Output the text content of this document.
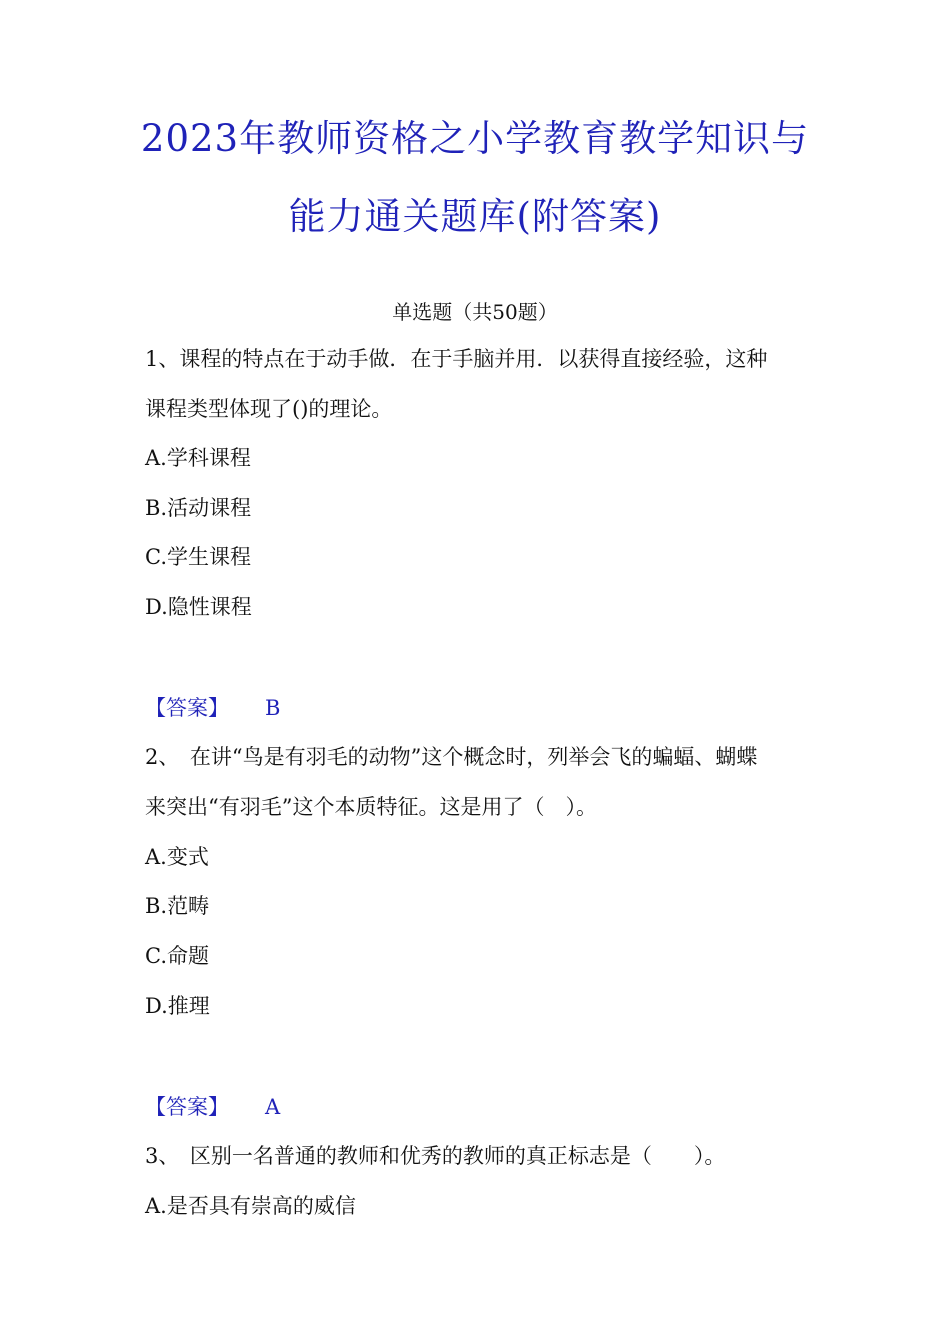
2023年教师资格之小学教育教学知识与
能力通关题库(附答案)
单选题（共50题）
1、课程的特点在于动手做．在于手脑并用．以获得直接经验，这种
课程类型体现了()的理论。
A.学科课程
B.活动课程
C.学生课程
D.隐性课程
【答案】 B
2、　在讲“鸟是有羽毛的动物”这个概念时，列举会飞的蝙蝠、蝴蝶
来突出“有羽毛”这个本质特征。这是用了（　）。
A.变式
B.范畴
C.命题
D.推理
【答案】 A
3、　区别一名普通的教师和优秀的教师的真正标志是（　　）。
A.是否具有崇高的威信
